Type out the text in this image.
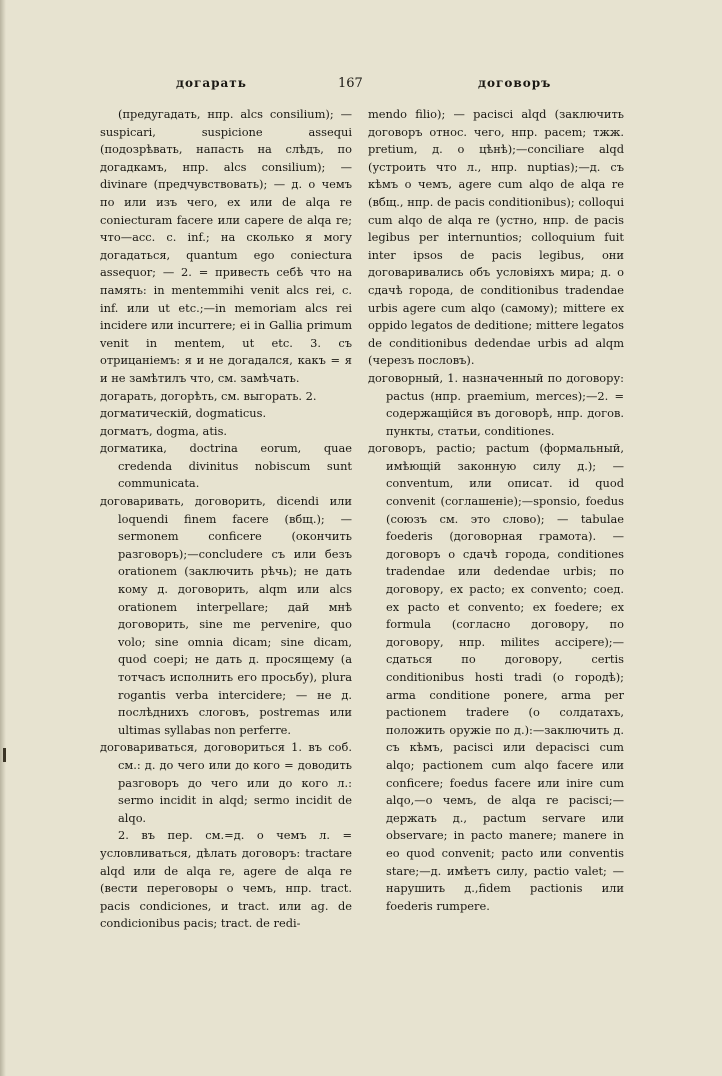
догарать	167	договоръ

(предугадать, нпр. alcs consilium); — suspicari, suspicione assequi (подозрѣвать, напасть на слѣдъ, по догадкамъ, нпр. alcs consilium); — divinare (предчувствовать); — д. о чемъ по или изъ чего, ex или de alqa re coniecturam facere или capere de alqa re; что—acc. c. inf.; на сколько я могу догадаться, quantum ego coniectura assequor; — 2. = привесть себѣ что на память: in mentemmihi venit alcs rei, c. inf. или ut etc.;—in memoriam alcs rei incidere или incurrere; ei in Gallia primum venit in mentem, ut etc. 3. съ отрицаніемъ: я и не догадался, какъ = я и не замѣтилъ что, см. замѣчать.

догарать, догорѣть, см. выгорать. 2.

догматическій, dogmaticus.

догматъ, dogma, atis.

догматика, doctrina eorum, quae credenda divinitus nobiscum sunt communicata.

договаривать, договорить, dicendi или loquendi finem facere (вбщ.); —sermonem conficere (окончить разговоръ);—concludere съ или безъ orationem (заключить рѣчь); не дать кому д. договорить, alqm или alcs orationem interpellare; дай мнѣ договорить, sine me pervenire, quo volo; sine omnia dicam; sine dicam, quod coepi; не дать д. просящему (а тотчасъ исполнить его просьбу), plura rogantis verba intercidere; — не д. послѣднихъ слоговъ, postremas или ultimas syllabas non perferre.

договариваться, договориться 1. въ соб. см.: д. до чего или до кого = доводить разговоръ до чего или до кого л.: sermo incidit in alqd; sermo incidit de alqo.

2. въ пер. см.=д. о чемъ л. = условливаться, дѣлать договоръ: tractare alqd или de alqa re, agere de alqa re (вести переговоры о чемъ, нпр. tract. pacis condiciones, и tract. или ag. de condicionibus pacis; tract. de redi-

mendo filio); — pacisci alqd (заключить договоръ относ. чего, нпр. pacem; тжж. pretium, д. о цѣнѣ);—conciliare alqd (устроить что л., нпр. nuptias);—д. съ кѣмъ о чемъ, agere cum alqo de alqa re (вбщ., нпр. de pacis conditionibus); colloqui cum alqo de alqa re (устно, нпр. de pacis legibus per internuntios; colloquium fuit inter ipsos de pacis legibus, они договаривались объ условіяхъ мира; д. о сдачѣ города, de conditionibus tradendae urbis agere cum alqo (самому); mittere ex oppido legatos de deditione; mittere legatos de conditionibus dedendae urbis ad alqm (черезъ пословъ).

договорный, 1. назначенный по договору: pactus (нпр. praemium, merces);—2. = содержащійся въ договорѣ, нпр. догов. пункты, статьи, conditiones.

договоръ, pactio; pactum (формальный, имѣющій законную силу д.); — conventum, или описат. id quod convenit (соглашеніе);—sponsio, foedus (союзъ см. это слово); — tabulae foederis (договорная грамота). — договоръ о сдачѣ города, conditiones tradendae или dedendae urbis; по договору, ex pacto; ex convento; соед. ex pacto et convento; ex foedere; ex formula (согласно договору, по договору, нпр. milites accipere);— сдаться по договору, certis conditionibus hosti tradi (о городѣ); arma conditione ponere, arma per pactionem tradere (о солдатахъ, положить оружіе по д.):—заключить д. съ кѣмъ, pacisci или depacisci cum alqo; pactionem cum alqo facere или conficere; foedus facere или inire cum alqo,—о чемъ, de alqa re pacisci;—держать д., pactum servare или observare; in pacto manere; manere in eo quod convenit; pacto или conventis stare;—д. имѣетъ силу, pactio valet; — нарушить д.,fidem pactionis или foederis rumpere.
